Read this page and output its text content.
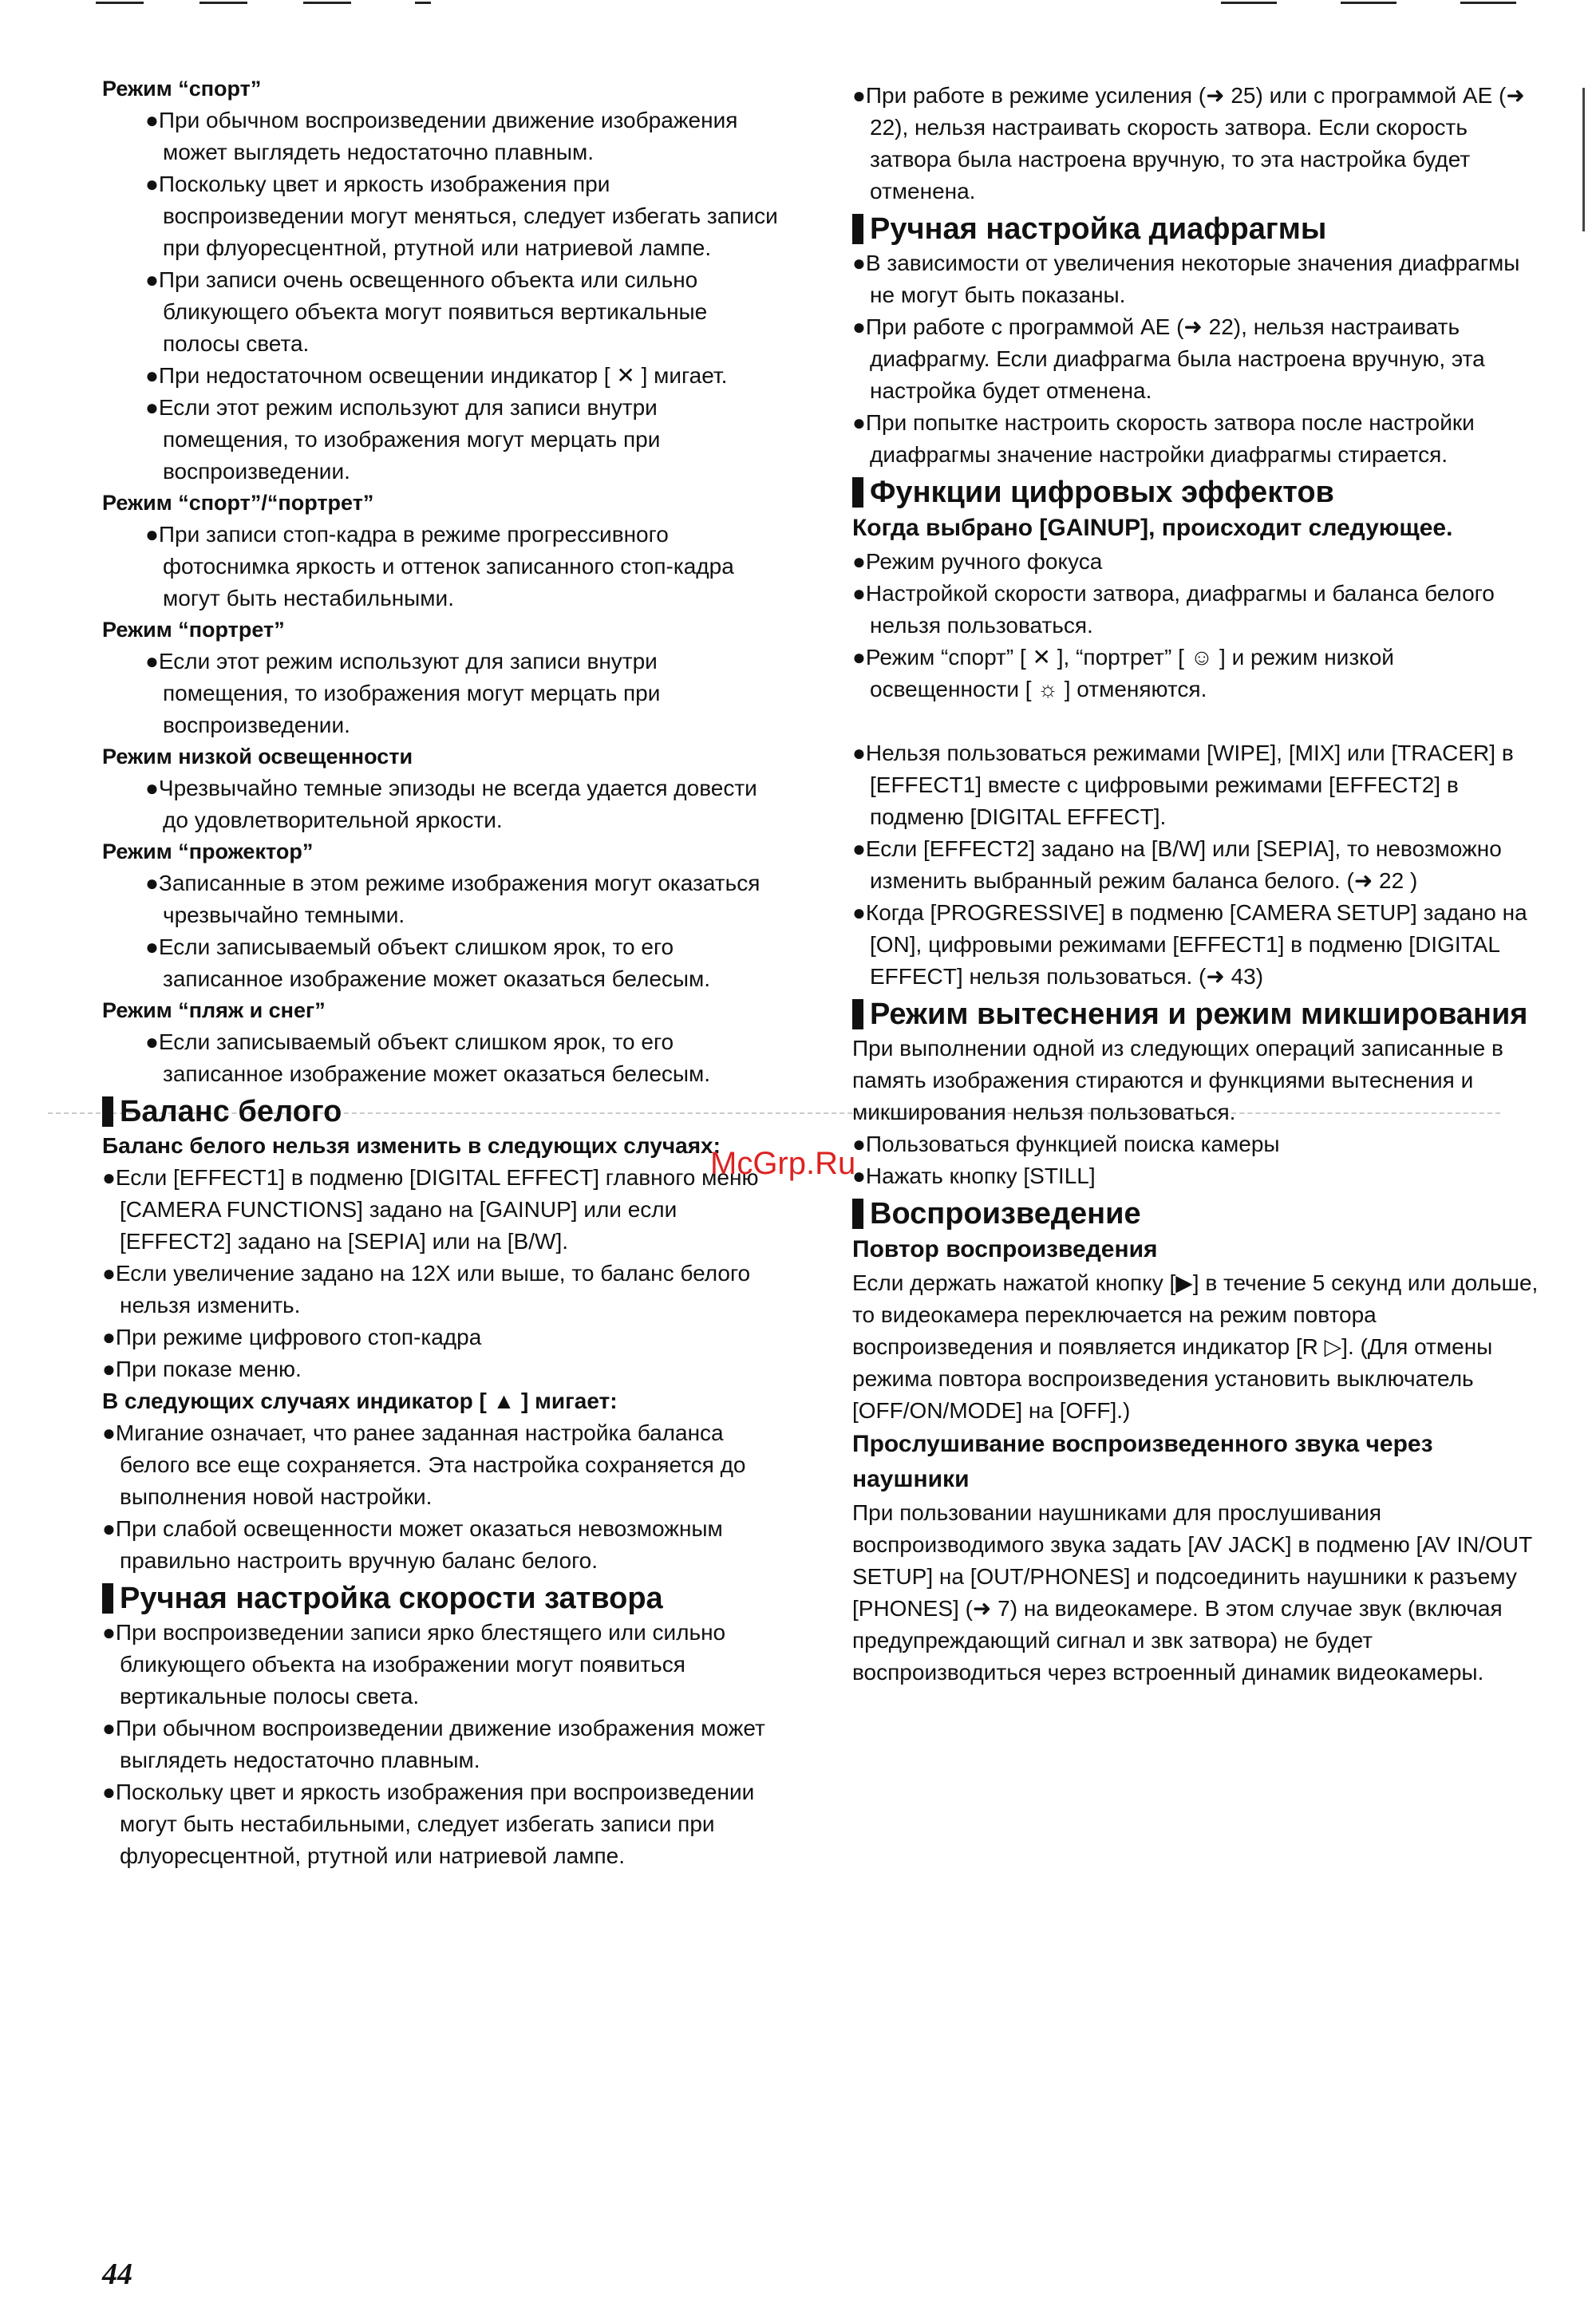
Режим “спорт”
●При обычном воспроизведении движение изображения может выглядеть недостаточно плавным.
●Поскольку цвет и яркость изображения при воспроизведении могут меняться, следует избегать записи при флуоресцентной, ртутной или натриевой лампе.
●При записи очень освещенного объекта или сильно бликующего объекта могут появиться вертикальные полосы света.
●При недостаточном освещении индикатор [ ✕ ] мигает.
●Если этот режим используют для записи внутри помещения, то изображения могут мерцать при воспроизведении.
Режим “спорт”/“портрет”
●При записи стоп-кадра в режиме прогрессивного фотоснимка яркость и оттенок записанного стоп-кадра могут быть нестабильными.
Режим “портрет”
●Если этот режим используют для записи внутри помещения, то изображения могут мерцать при воспроизведении.
Режим низкой освещенности
●Чрезвычайно темные эпизоды не всегда удается довести до удовлетворительной яркости.
Режим “прожектор”
●Записанные в этом режиме изображения могут оказаться чрезвычайно темными.
●Если записываемый объект слишком ярок, то его записанное изображение может оказаться белесым.
Режим “пляж и снег”
●Если записываемый объект слишком ярок, то его записанное изображение может оказаться белесым.
Баланс белого
Баланс белого нельзя изменить в следующих случаях:
●Если [EFFECT1] в подменю [DIGITAL EFFECT] главного меню [CAMERA FUNCTIONS] задано на [GAINUP] или если [EFFECT2] задано на [SEPIA] или на [B/W].
●Если увеличение задано на 12X или выше, то баланс белого нельзя изменить.
●При режиме цифрового стоп-кадра
●При показе меню.
В следующих случаях индикатор [ ▲ ] мигает:
●Мигание означает, что ранее заданная настройка баланса белого все еще сохраняется. Эта настройка сохраняется до выполнения новой настройки.
●При слабой освещенности может оказаться невозможным правильно настроить вручную баланс белого.
Ручная настройка скорости затвора
●При воспроизведении записи ярко блестящего или сильно бликующего объекта на изображении могут появиться вертикальные полосы света.
●При обычном воспроизведении движение изображения может выглядеть недостаточно плавным.
●Поскольку цвет и яркость изображения при воспроизведении могут быть нестабильными, следует избегать записи при флуоресцентной, ртутной или натриевой лампе.
●При работе в режиме усиления (➜ 25) или с программой AE (➜ 22), нельзя настраивать скорость затвора. Если скорость затвора была настроена вручную, то эта настройка будет отменена.
Ручная настройка диафрагмы
●В зависимости от увеличения некоторые значения диафрагмы не могут быть показаны.
●При работе с программой AE (➜ 22), нельзя настраивать диафрагму. Если диафрагма была настроена вручную, эта настройка будет отменена.
●При попытке настроить скорость затвора после настройки диафрагмы значение настройки диафрагмы стирается.
Функции цифровых эффектов
Когда выбрано [GAINUP], происходит следующее.
●Режим ручного фокуса
●Настройкой скорости затвора, диафрагмы и баланса белого нельзя пользоваться.
●Режим “спорт” [ ✕ ], “портрет” [ ☺ ] и режим низкой освещенности [ ☼ ] отменяются.
●Нельзя пользоваться режимами [WIPE], [MIX] или [TRACER] в [EFFECT1] вместе с цифровыми режимами [EFFECT2] в подменю [DIGITAL EFFECT].
●Если [EFFECT2] задано на [B/W] или [SEPIA], то невозможно изменить выбранный режим баланса белого. (➜ 22 )
●Когда [PROGRESSIVE] в подменю [CAMERA SETUP] задано на [ON], цифровыми режимами [EFFECT1] в подменю [DIGITAL EFFECT] нельзя пользоваться. (➜ 43)
Режим вытеснения и режим микширования
При выполнении одной из следующих операций записанные в память изображения стираются и функциями вытеснения и микширования нельзя пользоваться.
●Пользоваться функцией поиска камеры
●Нажать кнопку [STILL]
Воспроизведение
Повтор воспроизведения
Если держать нажатой кнопку [▶] в течение 5 секунд или дольше, то видеокамера переключается на режим повтора воспроизведения и появляется индикатор [R ▷]. (Для отмены режима повтора воспроизведения установить выключатель [OFF/ON/MODE] на [OFF].)
Прослушивание воспроизведенного звука через наушники
При пользовании наушниками для прослушивания воспроизводимого звука задать [AV JACK] в подменю [AV IN/OUT SETUP] на [OUT/PHONES] и подсоединить наушники к разъему [PHONES] (➜ 7) на видеокамере. В этом случае звук (включая предупреждающий сигнал и звк затвора) не будет воспроизводиться через встроенный динамик видеокамеры.
McGrp.Ru
44
